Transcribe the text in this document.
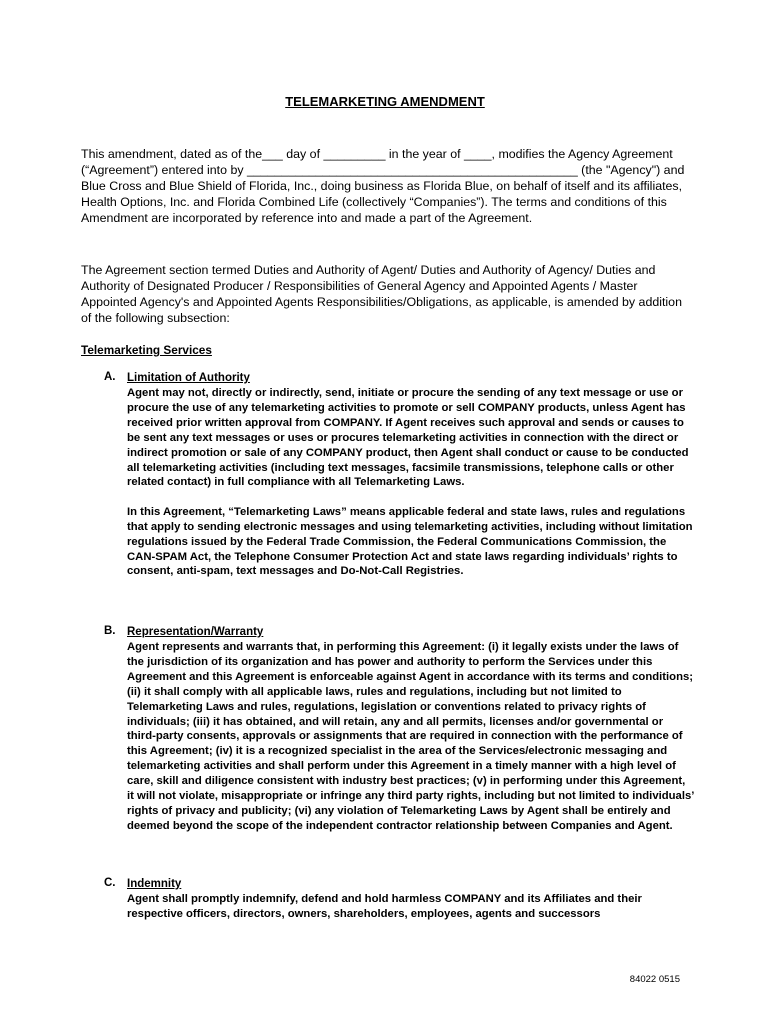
TELEMARKETING AMENDMENT

This amendment, dated as of the___ day of _________ in the year of ____, modifies the Agency Agreement (“Agreement”) entered into by ________________________________________________ (the "Agency") and Blue Cross and Blue Shield of Florida, Inc., doing business as Florida Blue, on behalf of itself and its affiliates, Health Options, Inc. and Florida Combined Life (collectively “Companies”). The terms and conditions of this Amendment are incorporated by reference into and made a part of the Agreement.

The Agreement section termed Duties and Authority of Agent/ Duties and Authority of Agency/ Duties and Authority of Designated Producer / Responsibilities of General Agency and Appointed Agents / Master Appointed Agency's and Appointed Agents Responsibilities/Obligations, as applicable, is amended by addition of the following subsection:

Telemarketing Services
A. Limitation of Authority

Agent may not, directly or indirectly, send, initiate or procure the sending of any text message or use or procure the use of any telemarketing activities to promote or sell COMPANY products, unless Agent has received prior written approval from COMPANY. If Agent receives such approval and sends or causes to be sent any text messages or uses or procures telemarketing activities in connection with the direct or indirect promotion or sale of any COMPANY product, then Agent shall conduct or cause to be conducted all telemarketing activities (including text messages, facsimile transmissions, telephone calls or other related contact) in full compliance with all Telemarketing Laws.

In this Agreement, “Telemarketing Laws” means applicable federal and state laws, rules and regulations that apply to sending electronic messages and using telemarketing activities, including without limitation regulations issued by the Federal Trade Commission, the Federal Communications Commission, the CAN-SPAM Act, the Telephone Consumer Protection Act and state laws regarding individuals’ rights to consent, anti-spam, text messages and Do-Not-Call Registries.

B. Representation/Warranty

Agent represents and warrants that, in performing this Agreement: (i) it legally exists under the laws of the jurisdiction of its organization and has power and authority to perform the Services under this Agreement and this Agreement is enforceable against Agent in accordance with its terms and conditions; (ii) it shall comply with all applicable laws, rules and regulations, including but not limited to Telemarketing Laws and rules, regulations, legislation or conventions related to privacy rights of individuals; (iii) it has obtained, and will retain, any and all permits, licenses and/or governmental or third-party consents, approvals or assignments that are required in connection with the performance of this Agreement; (iv) it is a recognized specialist in the area of the Services/electronic messaging and telemarketing activities and shall perform under this Agreement in a timely manner with a high level of care, skill and diligence consistent with industry best practices; (v) in performing under this Agreement, it will not violate, misappropriate or infringe any third party rights, including but not limited to individuals’ rights of privacy and publicity; (vi) any violation of Telemarketing Laws by Agent shall be entirely and deemed beyond the scope of the independent contractor relationship between Companies and Agent.

C. Indemnity

Agent shall promptly indemnify, defend and hold harmless COMPANY and its Affiliates and their respective officers, directors, owners, shareholders, employees, agents and successors

84022 0515
